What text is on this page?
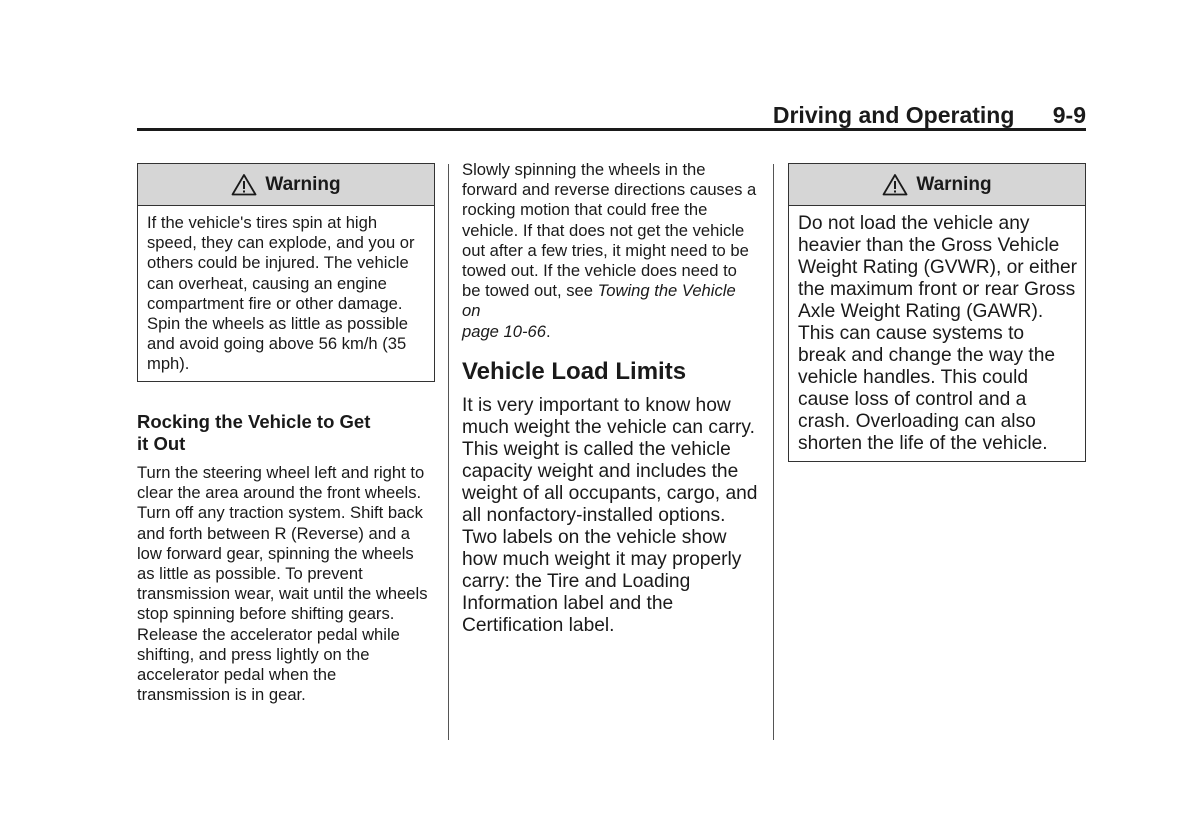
Driving and Operating 9-9
Warning
If the vehicle's tires spin at high speed, they can explode, and you or others could be injured. The vehicle can overheat, causing an engine compartment fire or other damage. Spin the wheels as little as possible and avoid going above 56 km/h (35 mph).
Rocking the Vehicle to Get
it Out
Turn the steering wheel left and right to clear the area around the front wheels. Turn off any traction system. Shift back and forth between R (Reverse) and a low forward gear, spinning the wheels as little as possible. To prevent transmission wear, wait until the wheels stop spinning before shifting gears. Release the accelerator pedal while shifting, and press lightly on the accelerator pedal when the transmission is in gear.
Slowly spinning the wheels in the forward and reverse directions causes a rocking motion that could free the vehicle. If that does not get the vehicle out after a few tries, it might need to be towed out. If the vehicle does need to be towed out, see Towing the Vehicle on
page 10-66.
Vehicle Load Limits
It is very important to know how much weight the vehicle can carry. This weight is called the vehicle capacity weight and includes the weight of all occupants, cargo, and all nonfactory-installed options. Two labels on the vehicle show how much weight it may properly carry: the Tire and Loading Information label and the Certification label.
Warning
Do not load the vehicle any heavier than the Gross Vehicle Weight Rating (GVWR), or either the maximum front or rear Gross Axle Weight Rating (GAWR). This can cause systems to break and change the way the vehicle handles. This could cause loss of control and a crash. Overloading can also shorten the life of the vehicle.
